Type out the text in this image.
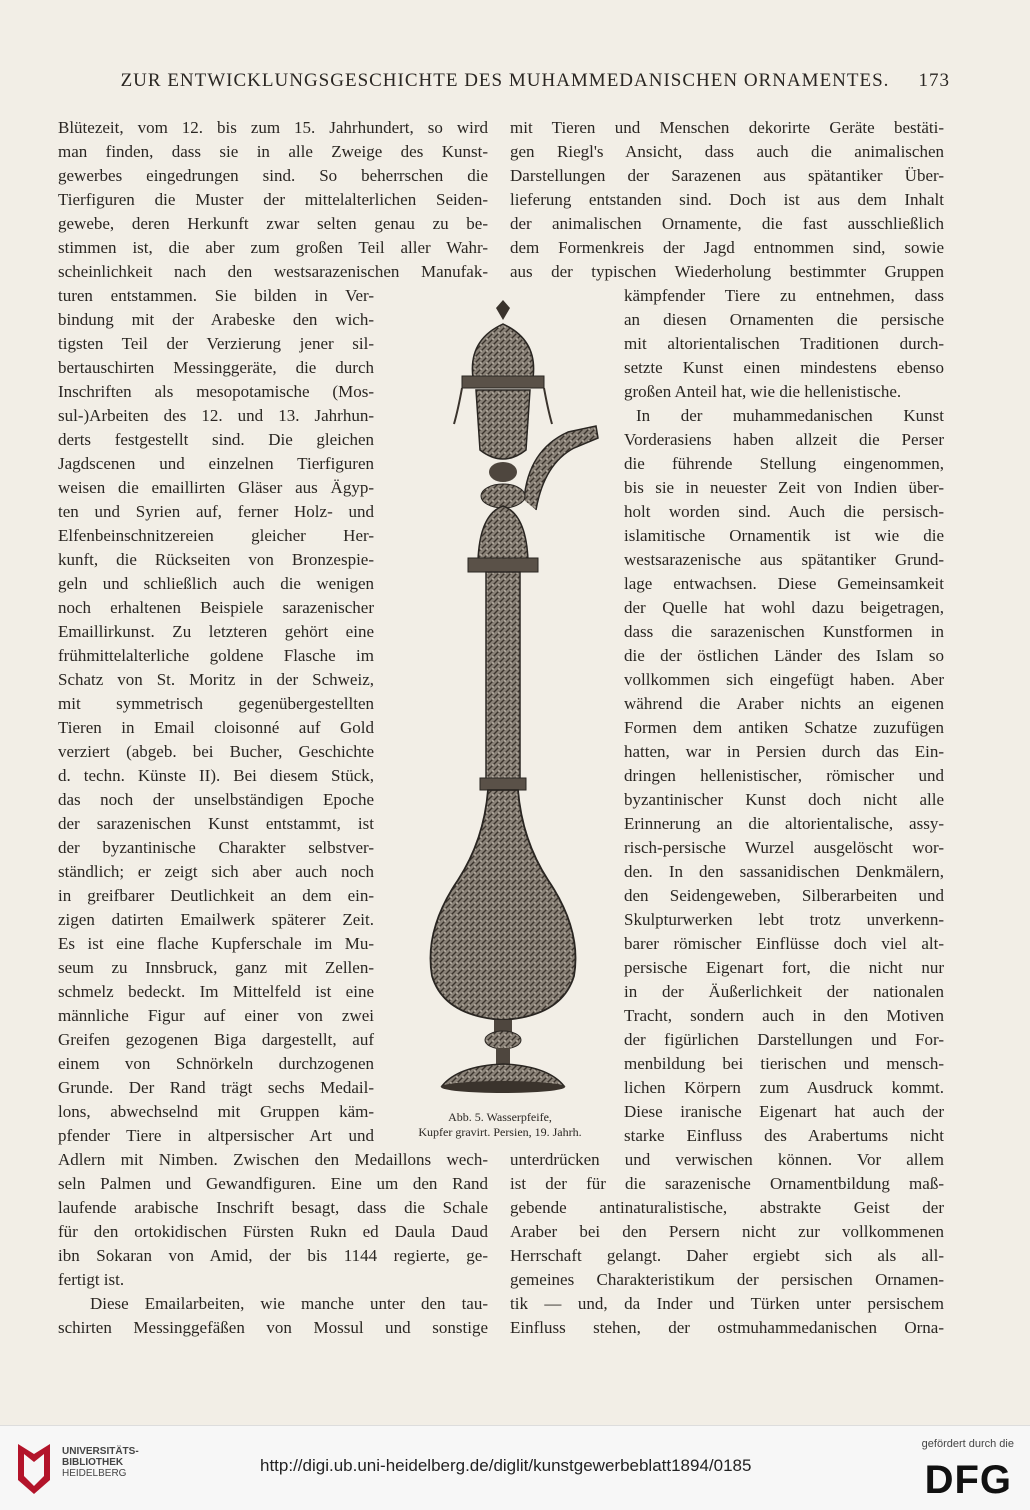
ZUR ENTWICKLUNGSGESCHICHTE DES MUHAMMEDANISCHEN ORNAMENTES. 173
Blütezeit, vom 12. bis zum 15. Jahrhundert, so wird
man finden, dass sie in alle Zweige des Kunst-
gewerbes eingedrungen sind. So beherrschen die
Tierfiguren die Muster der mittelalterlichen Seiden-
gewebe, deren Herkunft zwar selten genau zu be-
stimmen ist, die aber zum großen Teil aller Wahr-
scheinlichkeit nach den westsarazenischen Manufak-
turen entstammen. Sie bilden in Ver-
bindung mit der Arabeske den wich-
tigsten Teil der Verzierung jener sil-
bertauschirten Messinggeräte, die durch
Inschriften als mesopotamische (Mos-
sul-)Arbeiten des 12. und 13. Jahrhun-
derts festgestellt sind. Die gleichen
Jagdscenen und einzelnen Tierfiguren
weisen die emaillirten Gläser aus Ägyp-
ten und Syrien auf, ferner Holz- und
Elfenbeinschnitzereien gleicher Her-
kunft, die Rückseiten von Bronzespie-
geln und schließlich auch die wenigen
noch erhaltenen Beispiele sarazenischer
Emaillirkunst. Zu letzteren gehört eine
frühmittelalterliche goldene Flasche im
Schatz von St. Moritz in der Schweiz,
mit symmetrisch gegenübergestellten
Tieren in Email cloisonné auf Gold
verziert (abgeb. bei Bucher, Geschichte
d. techn. Künste II). Bei diesem Stück,
das noch der unselbständigen Epoche
der sarazenischen Kunst entstammt, ist
der byzantinische Charakter selbstver-
ständlich; er zeigt sich aber auch noch
in greifbarer Deutlichkeit an dem ein-
zigen datirten Emailwerk späterer Zeit.
Es ist eine flache Kupferschale im Mu-
seum zu Innsbruck, ganz mit Zellen-
schmelz bedeckt. Im Mittelfeld ist eine
männliche Figur auf einer von zwei
Greifen gezogenen Biga dargestellt, auf
einem von Schnörkeln durchzogenen
Grunde. Der Rand trägt sechs Medail-
lons, abwechselnd mit Gruppen käm-
pfender Tiere in altpersischer Art und
Adlern mit Nimben. Zwischen den Medaillons wech-
seln Palmen und Gewandfiguren. Eine um den Rand
laufende arabische Inschrift besagt, dass die Schale
für den ortokidischen Fürsten Rukn ed Daula Daud
ibn Sokaran von Amid, der bis 1144 regierte, ge-
fertigt ist.
Diese Emailarbeiten, wie manche unter den tau-
schirten Messinggefäßen von Mossul und sonstige
mit Tieren und Menschen dekorirte Geräte bestäti-
gen Riegl's Ansicht, dass auch die animalischen
Darstellungen der Sarazenen aus spätantiker Über-
lieferung entstanden sind. Doch ist aus dem Inhalt
der animalischen Ornamente, die fast ausschließlich
dem Formenkreis der Jagd entnommen sind, sowie
aus der typischen Wiederholung bestimmter Gruppen
kämpfender Tiere zu entnehmen, dass
an diesen Ornamenten die persische
mit altorientalischen Traditionen durch-
setzte Kunst einen mindestens ebenso
großen Anteil hat, wie die hellenistische.
In der muhammedanischen Kunst
Vorderasiens haben allzeit die Perser
die führende Stellung eingenommen,
bis sie in neuester Zeit von Indien über-
holt worden sind. Auch die persisch-
islamitische Ornamentik ist wie die
westsarazenische aus spätantiker Grund-
lage entwachsen. Diese Gemeinsamkeit
der Quelle hat wohl dazu beigetragen,
dass die sarazenischen Kunstformen in
die der östlichen Länder des Islam so
vollkommen sich eingefügt haben. Aber
während die Araber nichts an eigenen
Formen dem antiken Schatze zuzufügen
hatten, war in Persien durch das Ein-
dringen hellenistischer, römischer und
byzantinischer Kunst doch nicht alle
Erinnerung an die altorientalische, assy-
risch-persische Wurzel ausgelöscht wor-
den. In den sassanidischen Denkmälern,
den Seidengeweben, Silberarbeiten und
Skulpturwerken lebt trotz unverkenn-
barer römischer Einflüsse doch viel alt-
persische Eigenart fort, die nicht nur
in der Äußerlichkeit der nationalen
Tracht, sondern auch in den Motiven
der figürlichen Darstellungen und For-
menbildung bei tierischen und mensch-
lichen Körpern zum Ausdruck kommt.
Diese iranische Eigenart hat auch der
starke Einfluss des Arabertums nicht
unterdrücken und verwischen können. Vor allem
ist der für die sarazenische Ornamentbildung maß-
gebende antinaturalistische, abstrakte Geist der
Araber bei den Persern nicht zur vollkommenen
Herrschaft gelangt. Daher ergiebt sich als all-
gemeines Charakteristikum der persischen Ornamen-
tik — und, da Inder und Türken unter persischem
Einfluss stehen, der ostmuhammedanischen Orna-
Abb. 5. Wasserpfeife,
Kupfer gravirt. Persien, 19. Jahrh.
UNIVERSITÄTS-
BIBLIOTHEK
HEIDELBERG	http://digi.ub.uni-heidelberg.de/diglit/kunstgewerbeblatt1894/0185
gefördert durch die
DFG
